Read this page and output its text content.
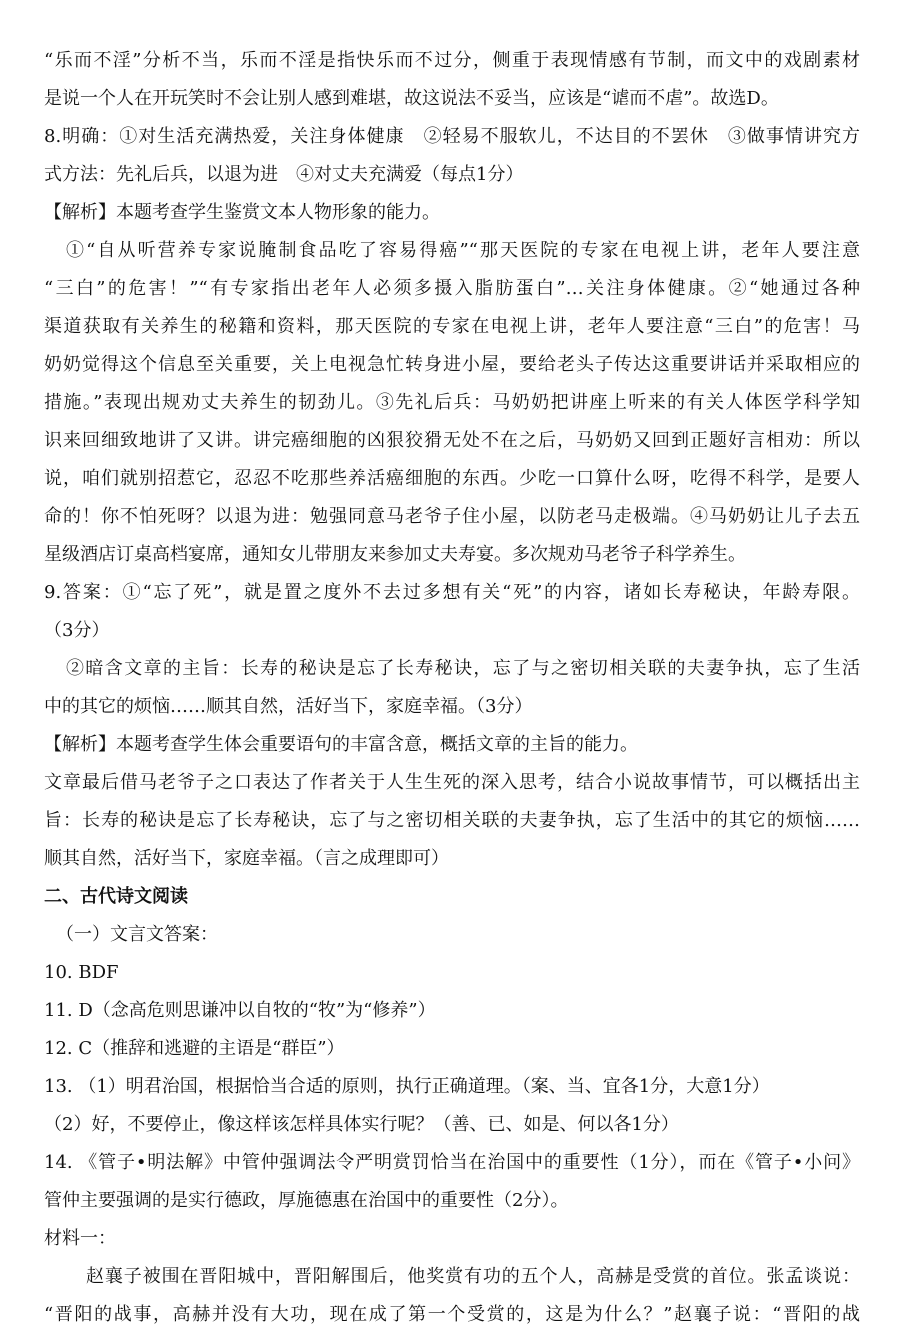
“乐而不淫”分析不当，乐而不淫是指快乐而不过分，侧重于表现情感有节制，而文中的戏剧素材
是说一个人在开玩笑时不会让别人感到难堪，故这说法不妥当，应该是“谑而不虐”。故选D。
8.明确：①对生活充满热爱，关注身体健康　②轻易不服软儿，不达目的不罢休　③做事情讲究方
式方法：先礼后兵，以退为进　④对丈夫充满爱（每点1分）
【解析】本题考查学生鉴赏文本人物形象的能力。
①“自从听营养专家说腌制食品吃了容易得癌”“那天医院的专家在电视上讲，老年人要注意
“三白”的危害！”“有专家指出老年人必须多摄入脂肪蛋白”…关注身体健康。②“她通过各种
渠道获取有关养生的秘籍和资料，那天医院的专家在电视上讲，老年人要注意“三白”的危害！马
奶奶觉得这个信息至关重要，关上电视急忙转身进小屋，要给老头子传达这重要讲话并采取相应的
措施。”表现出规劝丈夫养生的韧劲儿。③先礼后兵：马奶奶把讲座上听来的有关人体医学科学知
识来回细致地讲了又讲。讲完癌细胞的凶狠狡猾无处不在之后，马奶奶又回到正题好言相劝：所以
说，咱们就别招惹它，忍忍不吃那些养活癌细胞的东西。少吃一口算什么呀，吃得不科学，是要人
命的！你不怕死呀？以退为进：勉强同意马老爷子住小屋，以防老马走极端。④马奶奶让儿子去五
星级酒店订桌高档宴席，通知女儿带朋友来参加丈夫寿宴。多次规劝马老爷子科学养生。
9.答案：①“忘了死”，就是置之度外不去过多想有关“死”的内容，诸如长寿秘诀，年龄寿限。
（3分）
②暗含文章的主旨：长寿的秘诀是忘了长寿秘诀，忘了与之密切相关联的夫妻争执，忘了生活
中的其它的烦恼……顺其自然，活好当下，家庭幸福。（3分）
【解析】本题考查学生体会重要语句的丰富含意，概括文章的主旨的能力。
文章最后借马老爷子之口表达了作者关于人生生死的深入思考，结合小说故事情节，可以概括出主
旨：长寿的秘诀是忘了长寿秘诀，忘了与之密切相关联的夫妻争执，忘了生活中的其它的烦恼……
顺其自然，活好当下，家庭幸福。（言之成理即可）
二、古代诗文阅读
（一）文言文答案：
10. BDF
11. D（念高危则思谦冲以自牧的“牧”为“修养”）
12. C（推辞和逃避的主语是“群臣”）
13. （1）明君治国，根据恰当合适的原则，执行正确道理。（案、当、宜各1分，大意1分）
（2）好，不要停止，像这样该怎样具体实行呢？（善、已、如是、何以各1分）
14. 《管子•明法解》中管仲强调法令严明赏罚恰当在治国中的重要性（1分），而在《管子•小问》
管仲主要强调的是实行德政，厚施德惠在治国中的重要性（2分）。
材料一：
赵襄子被围在晋阳城中，晋阳解围后，他奖赏有功的五个人，高赫是受赏的首位。张孟谈说：
“晋阳的战事，高赫并没有大功，现在成了第一个受赏的，这是为什么？”赵襄子说：“晋阳的战
